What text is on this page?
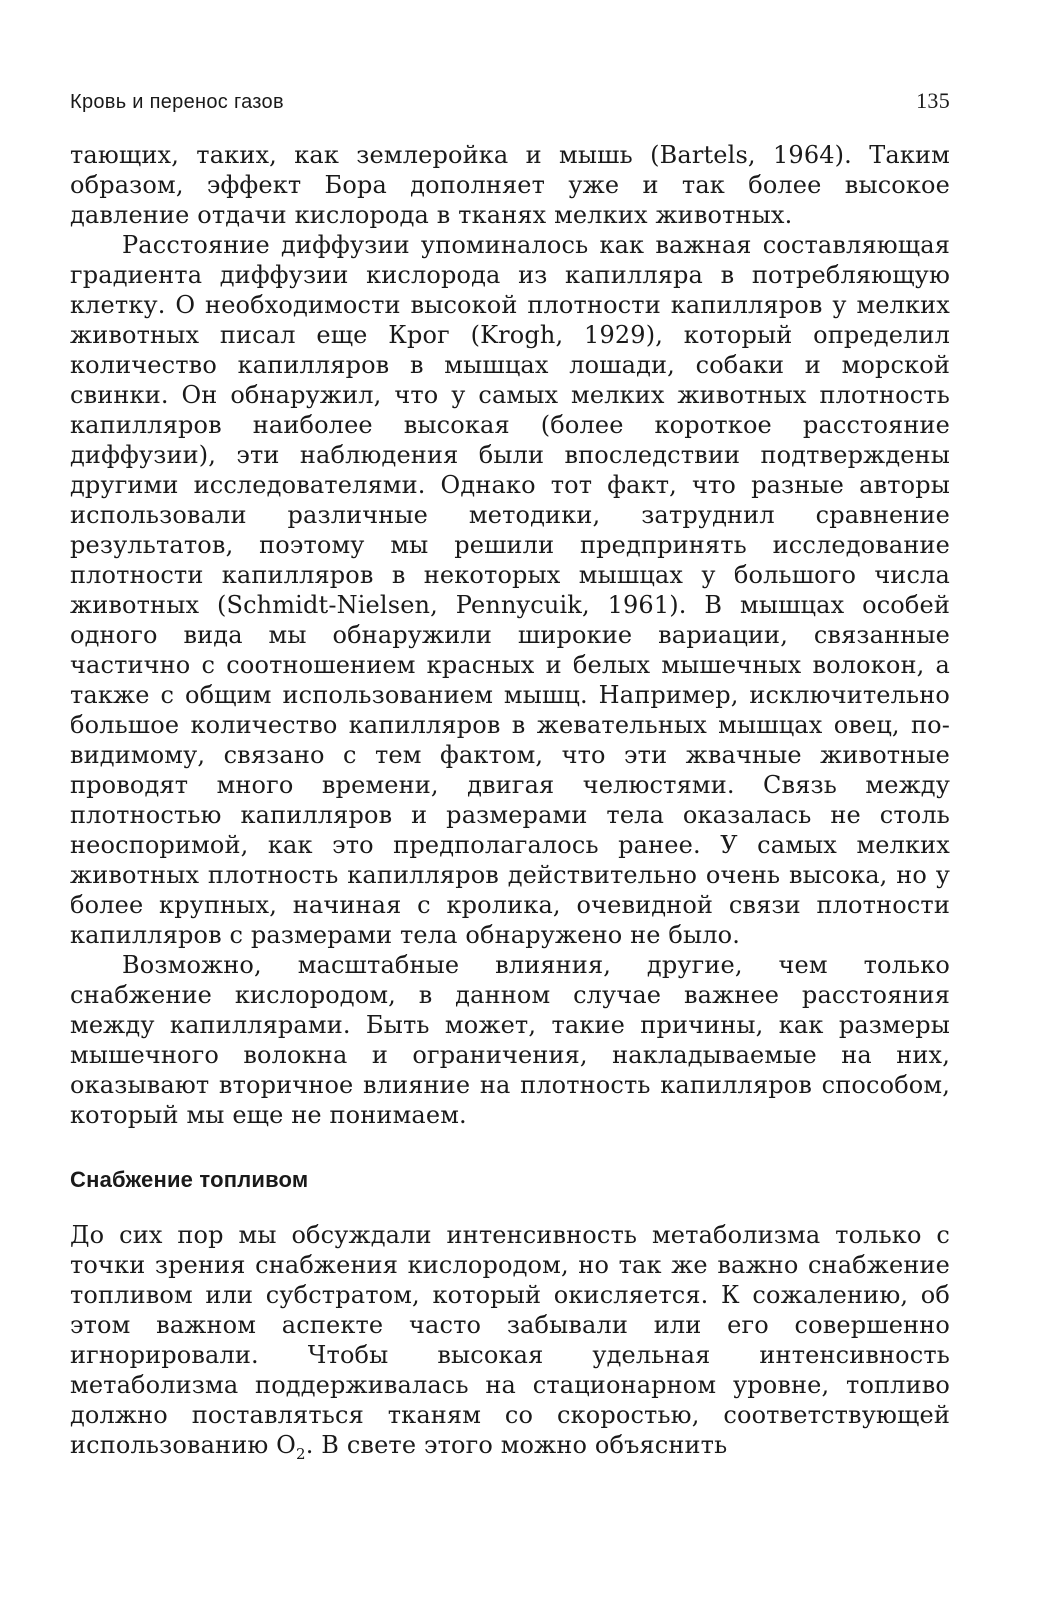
Кровь и перенос газов	135

тающих, таких, как землеройка и мышь (Bartels, 1964). Таким образом, эффект Бора дополняет уже и так более высокое давление отдачи кислорода в тканях мелких животных.

Расстояние диффузии упоминалось как важная составляющая градиента диффузии кислорода из капилляра в потребляющую клетку. О необходимости высокой плотности капилляров у мелких животных писал еще Крог (Krogh, 1929), который определил количество капилляров в мышцах лошади, собаки и морской свинки. Он обнаружил, что у самых мелких животных плотность капилляров наиболее высокая (более короткое расстояние диффузии), эти наблюдения были впоследствии подтверждены другими исследователями. Однако тот факт, что разные авторы использовали различные методики, затруднил сравнение результатов, поэтому мы решили предпринять исследование плотности капилляров в некоторых мышцах у большого числа животных (Schmidt-Nielsen, Pennycuik, 1961). В мышцах особей одного вида мы обнаружили широкие вариации, связанные частично с соотношением красных и белых мышечных волокон, а также с общим использованием мышц. Например, исключительно большое количество капилляров в жевательных мышцах овец, по-видимому, связано с тем фактом, что эти жвачные животные проводят много времени, двигая челюстями. Связь между плотностью капилляров и размерами тела оказалась не столь неоспоримой, как это предполагалось ранее. У самых мелких животных плотность капилляров действительно очень высока, но у более крупных, начиная с кролика, очевидной связи плотности капилляров с размерами тела обнаружено не было.

Возможно, масштабные влияния, другие, чем только снабжение кислородом, в данном случае важнее расстояния между капиллярами. Быть может, такие причины, как размеры мышечного волокна и ограничения, накладываемые на них, оказывают вторичное влияние на плотность капилляров способом, который мы еще не понимаем.

Снабжение топливом

До сих пор мы обсуждали интенсивность метаболизма только с точки зрения снабжения кислородом, но так же важно снабжение топливом или субстратом, который окисляется. К сожалению, об этом важном аспекте часто забывали или его совершенно игнорировали. Чтобы высокая удельная интенсивность метаболизма поддерживалась на стационарном уровне, топливо должно поставляться тканям со скоростью, соответствующей использованию $O_2$. В свете этого можно объяснить
